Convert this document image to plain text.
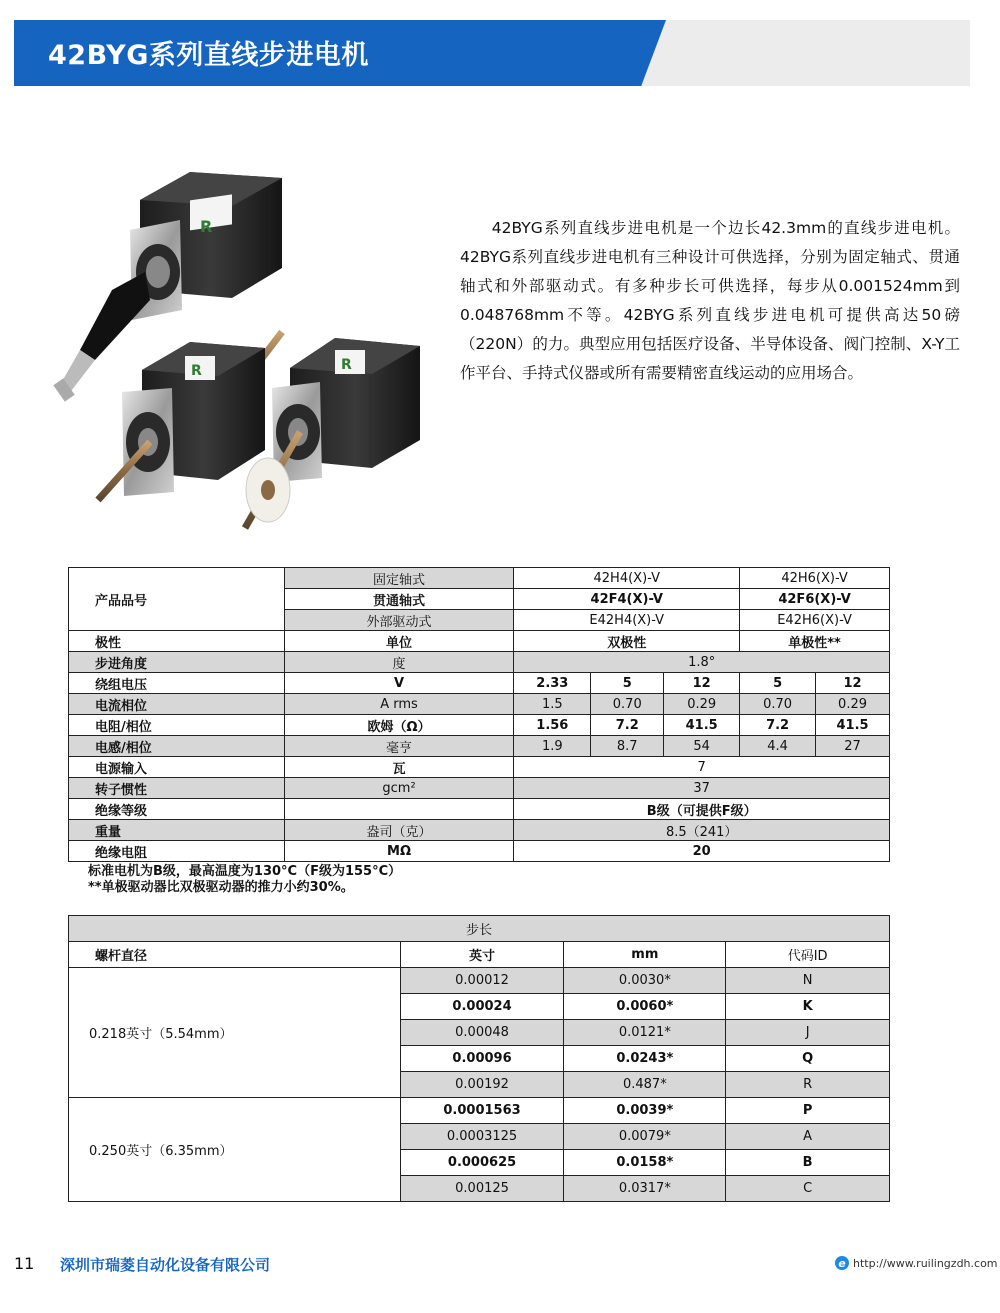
42BYG系列直线步进电机
R
R	R

42BYG系列直线步进电机是一个边长42.3mm的直线步进电机。42BYG系列直线步进电机有三种设计可供选择，分别为固定轴式、贯通轴式和外部驱动式。有多种步长可供选择，每步从0.001524mm到0.048768mm不等。42BYG系列直线步进电机可提供高达50磅（220N）的力。典型应用包括医疗设备、半导体设备、阀门控制、X-Y工作平台、手持式仪器或所有需要精密直线运动的应用场合。

产品品号	固定轴式	42H4(X)-V			42H6(X)-V	
	贯通轴式	42F4(X)-V			42F6(X)-V	
	外部驱动式	E42H4(X)-V			E42H6(X)-V	
极性	单位	双极性			单极性**	
步进角度	度	1.8°				
绕组电压	V	2.33	5	12	5	12
电流相位	A rms	1.5	0.70	0.29	0.70	0.29
电阻/相位	欧姆（Ω）	1.56	7.2	41.5	7.2	41.5
电感/相位	毫亨	1.9	8.7	54	4.4	27
电源输入	瓦	7				
转子惯性	gcm²	37				
绝缘等级		B级（可提供F级）				
重量	盎司（克）	8.5（241）				
绝缘电阻	MΩ	20				
标准电机为B级，最高温度为130°C（F级为155°C）
**单极驱动器比双极驱动器的推力小约30%。
步长			
螺杆直径	英寸	mm	代码ID
0.218英寸（5.54mm）	0.00012	0.0030*	N
	0.00024	0.0060*	K
	0.00048	0.0121*	J
	0.00096	0.0243*	Q
	0.00192	0.487*	R
0.250英寸（6.35mm）	0.0001563	0.0039*	P
	0.0003125	0.0079*	A
	0.000625	0.0158*	B
	0.00125	0.0317*	C
11 深圳市瑞菱自动化设备有限公司	e http://www.ruilingzdh.com
